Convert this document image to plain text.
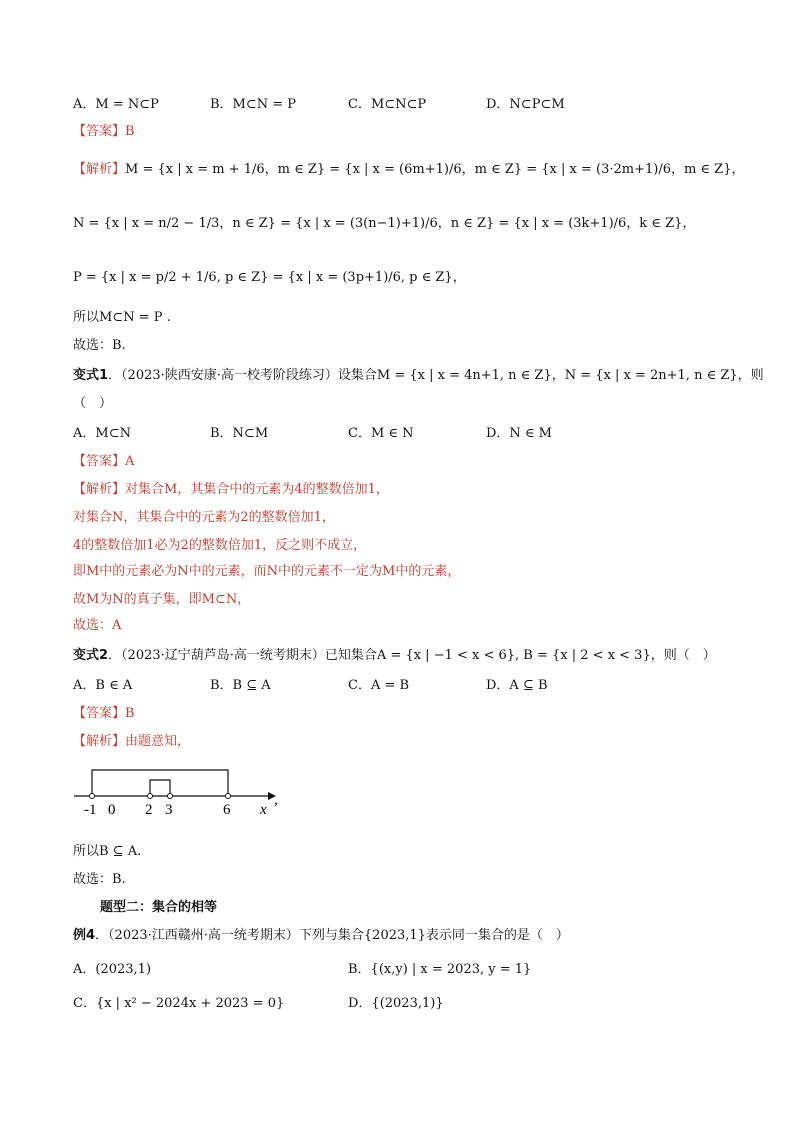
A．M = N⊂P	B．M⊂N = P	C．M⊂N⊂P	D．N⊂P⊂M
【答案】B
【解析】M = {x | x = m + 1/6，m ∈ Z} = {x | x = (6m+1)/6，m ∈ Z} = {x | x = (3·2m+1)/6，m ∈ Z}，
N = {x | x = n/2 − 1/3，n ∈ Z} = {x | x = (3(n−1)+1)/6，n ∈ Z} = {x | x = (3k+1)/6，k ∈ Z}，
P = {x | x = p/2 + 1/6, p ∈ Z} = {x | x = (3p+1)/6, p ∈ Z}，
所以M⊂N = P .
故选：B.
变式1．（2023·陕西安康·高一校考阶段练习）设集合M = {x | x = 4n+1, n ∈ Z}，N = {x | x = 2n+1, n ∈ Z}，则
（　）
A．M⊂N	B．N⊂M	C．M ∈ N	D．N ∈ M
【答案】A
【解析】对集合M，其集合中的元素为4的整数倍加1，
对集合N，其集合中的元素为2的整数倍加1，
4的整数倍加1必为2的整数倍加1，反之则不成立，
即M中的元素必为N中的元素，而N中的元素不一定为M中的元素，
故M为N的真子集，即M⊂N，
故选：A
变式2．（2023·辽宁葫芦岛·高一统考期末）已知集合A = {x | −1 < x < 6}, B = {x | 2 < x < 3}，则（　）
A．B ∈ A	B．B ⊆ A	C．A = B	D．A ⊆ B
【答案】B
【解析】由题意知，
-1 0 2 3	6 x
,
所以B ⊆ A.
故选：B.
题型二：集合的相等
例4．（2023·江西赣州·高一统考期末）下列与集合{2023,1}表示同一集合的是（　）
A．(2023,1)	B．{(x,y) | x = 2023, y = 1}
C．{x | x² − 2024x + 2023 = 0}	D．{(2023,1)}
